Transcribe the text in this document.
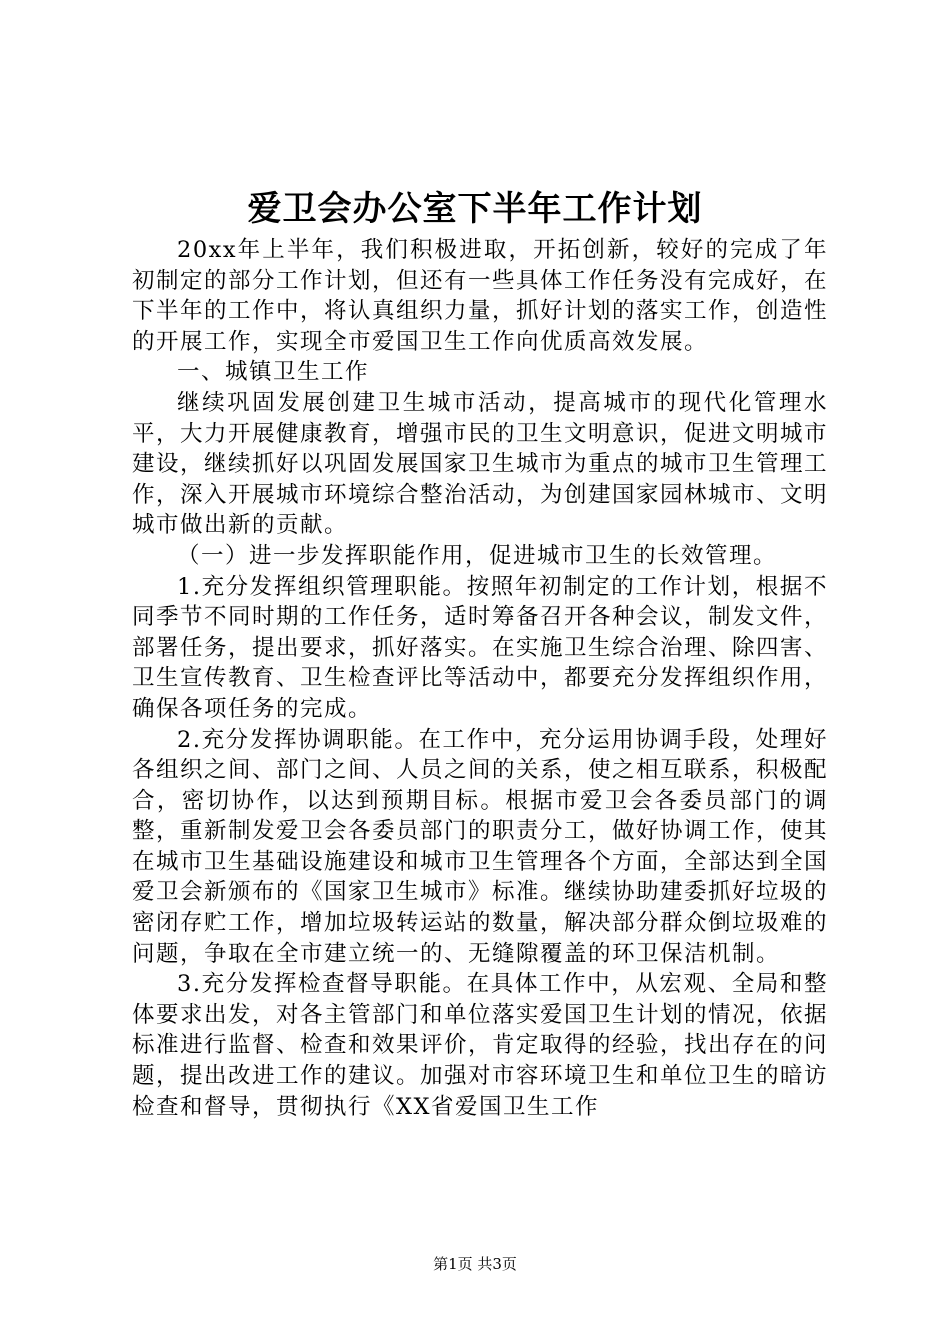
爱卫会办公室下半年工作计划

20xx年上半年，我们积极进取，开拓创新，较好的完成了年初制定的部分工作计划，但还有一些具体工作任务没有完成好，在下半年的工作中，将认真组织力量，抓好计划的落实工作，创造性的开展工作，实现全市爱国卫生工作向优质高效发展。

一、城镇卫生工作

继续巩固发展创建卫生城市活动，提高城市的现代化管理水平，大力开展健康教育，增强市民的卫生文明意识，促进文明城市建设，继续抓好以巩固发展国家卫生城市为重点的城市卫生管理工作，深入开展城市环境综合整治活动，为创建国家园林城市、文明城市做出新的贡献。

（一）进一步发挥职能作用，促进城市卫生的长效管理。

1.充分发挥组织管理职能。按照年初制定的工作计划，根据不同季节不同时期的工作任务，适时筹备召开各种会议，制发文件，部署任务，提出要求，抓好落实。在实施卫生综合治理、除四害、卫生宣传教育、卫生检查评比等活动中，都要充分发挥组织作用，确保各项任务的完成。

2.充分发挥协调职能。在工作中，充分运用协调手段，处理好各组织之间、部门之间、人员之间的关系，使之相互联系，积极配合，密切协作，以达到预期目标。根据市爱卫会各委员部门的调整，重新制发爱卫会各委员部门的职责分工，做好协调工作，使其在城市卫生基础设施建设和城市卫生管理各个方面，全部达到全国爱卫会新颁布的《国家卫生城市》标准。继续协助建委抓好垃圾的密闭存贮工作，增加垃圾转运站的数量，解决部分群众倒垃圾难的问题，争取在全市建立统一的、无缝隙覆盖的环卫保洁机制。

3.充分发挥检查督导职能。在具体工作中，从宏观、全局和整体要求出发，对各主管部门和单位落实爱国卫生计划的情况，依据标准进行监督、检查和效果评价，肯定取得的经验，找出存在的问题，提出改进工作的建议。加强对市容环境卫生和单位卫生的暗访检查和督导，贯彻执行《XX省爱国卫生工作

第1页 共3页
